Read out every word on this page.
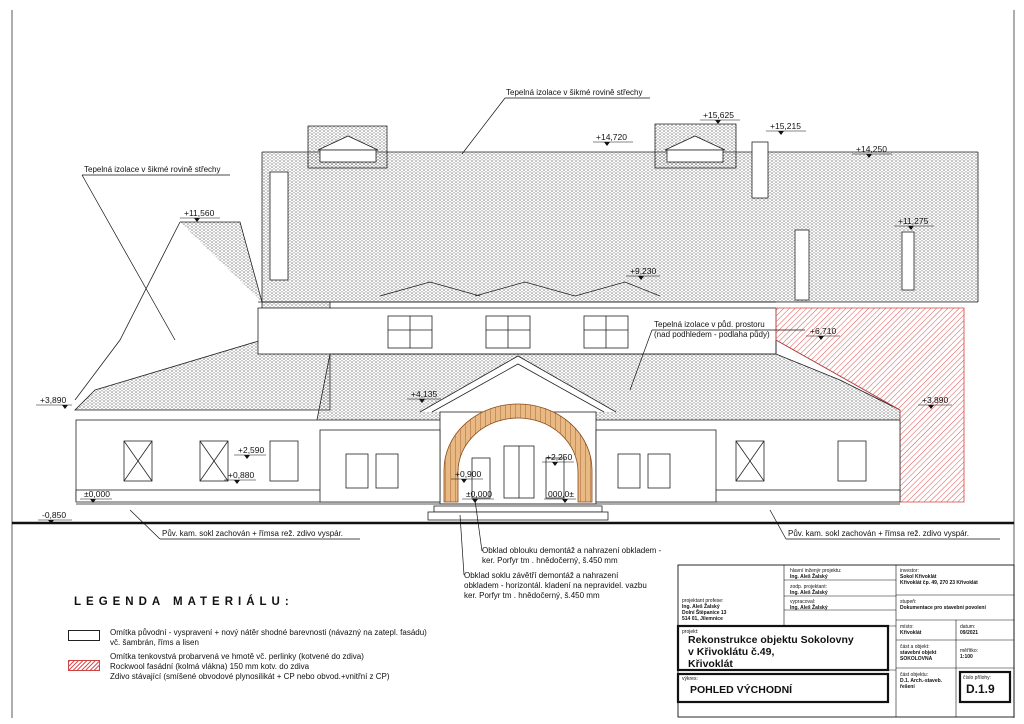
+15,625
+15,215
+14,720
+14,250
+11,560
+11,275
+9,230
+6,710
+4,135
+3,890	+3,890
+2,590
+2,250
+0,880	+0,900
±0,000	±0,000	000,0±
-0,850
Tepelná izolace v šikmé rovině střechy
Tepelná izolace v šikmé rovině střechy
Tepelná izolace v půd. prostoru
(nad podhledem - podlaha půdy)
Pův. kam. sokl zachován + římsa rež. zdivo vyspár.	Pův. kam. sokl zachován + římsa rež. zdivo vyspár.
Obklad oblouku demontáž a nahrazení obkladem -
ker. Porfyr tm . hnědočerný, š.450 mm
Obklad soklu závětří demontáž a nahrazení
obkladem - horizontál. kladení na nepravidel. vazbu
ker. Porfyr tm . hnědočerný, š.450 mm
LEGENDA MATERIÁLU:
Omítka původní - vyspravení + nový nátěr shodné barevnosti (návazný na zatepl. fasádu)
vč. šambrán, říms a lisen
Omítka tenkovstvá probarvená ve hmotě vč. perlinky (kotvené do zdiva)
Rockwool fasádní (kolmá vlákna) 150 mm kotv. do zdiva
Zdivo stávající (smíšené obvodové plynosilikát + CP nebo obvod.+vnitřní z CP)
hlavní inženýr projektu:
Ing. Aleš Žalský
investor:
Sokol Křivoklát
Křivoklát čp. 49, 270 23 Křivoklát
projektant profese:
Ing. Aleš Žalský
Dolní Štěpanice 13
514 01, Jilemnice
zodp. projektant:
Ing. Aleš Žalský
vypracoval:
Ing. Aleš Žalský
stupeň:
Dokumentace pro stavební povolení
projekt:
Rekonstrukce objektu Sokolovny
v Křivoklátu č.49,
Křivoklát
místo:
Křivoklát
datum:
09/2021
část a objekt:
stavební objekt
SOKOLOVNA
měřítko:
1:100
výkres:
POHLED VÝCHODNÍ
část objektu:
D.1. Arch.-staveb.
řešení
číslo přílohy:
D.1.9
